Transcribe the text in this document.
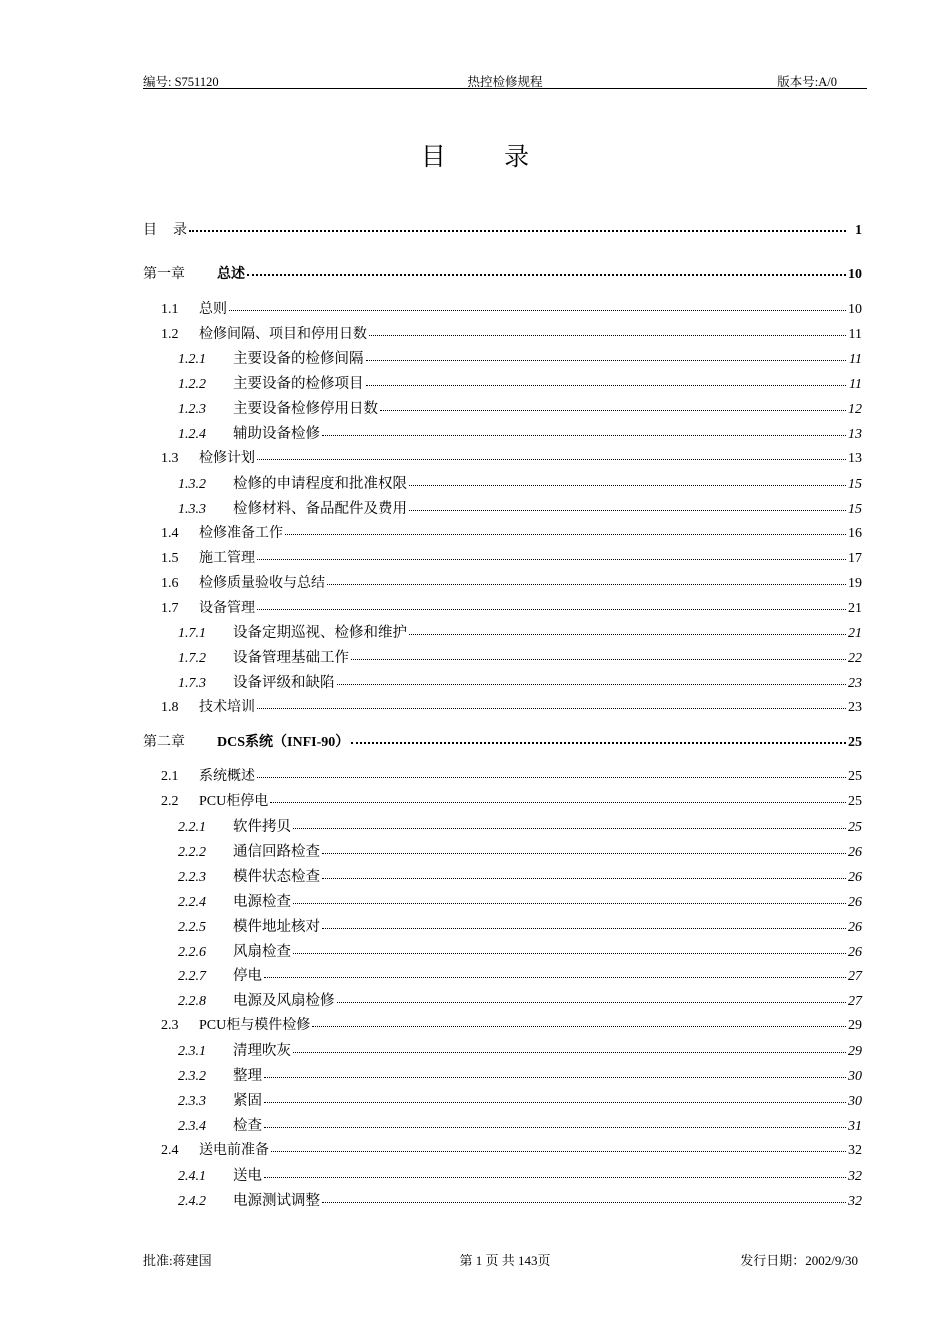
编号: S751120	热控检修规程	版本号:A/0
目 录
目 录	1
第一章	总述	10
1.1	总则	10
1.2	检修间隔、项目和停用日数	11
1.2.1	主要设备的检修间隔	11
1.2.2	主要设备的检修项目	11
1.2.3	主要设备检修停用日数	12
1.2.4	辅助设备检修	13
1.3	检修计划	13
1.3.2	检修的申请程度和批准权限	15
1.3.3	检修材料、备品配件及费用	15
1.4	检修准备工作	16
1.5	施工管理	17
1.6	检修质量验收与总结	19
1.7	设备管理	21
1.7.1	设备定期巡视、检修和维护	21
1.7.2	设备管理基础工作	22
1.7.3	设备评级和缺陷	23
1.8	技术培训	23
第二章	DCS系统（INFI-90）	25
2.1	系统概述	25
2.2	PCU柜停电	25
2.2.1	软件拷贝	25
2.2.2	通信回路检查	26
2.2.3	模件状态检查	26
2.2.4	电源检查	26
2.2.5	模件地址核对	26
2.2.6	风扇检查	26
2.2.7	停电	27
2.2.8	电源及风扇检修	27
2.3	PCU柜与模件检修	29
2.3.1	清理吹灰	29
2.3.2	整理	30
2.3.3	紧固	30
2.3.4	检查	31
2.4	送电前准备	32
2.4.1	送电	32
2.4.2	电源测试调整	32
批准:蒋建国	第 1 页 共 143页	发行日期：2002/9/30
